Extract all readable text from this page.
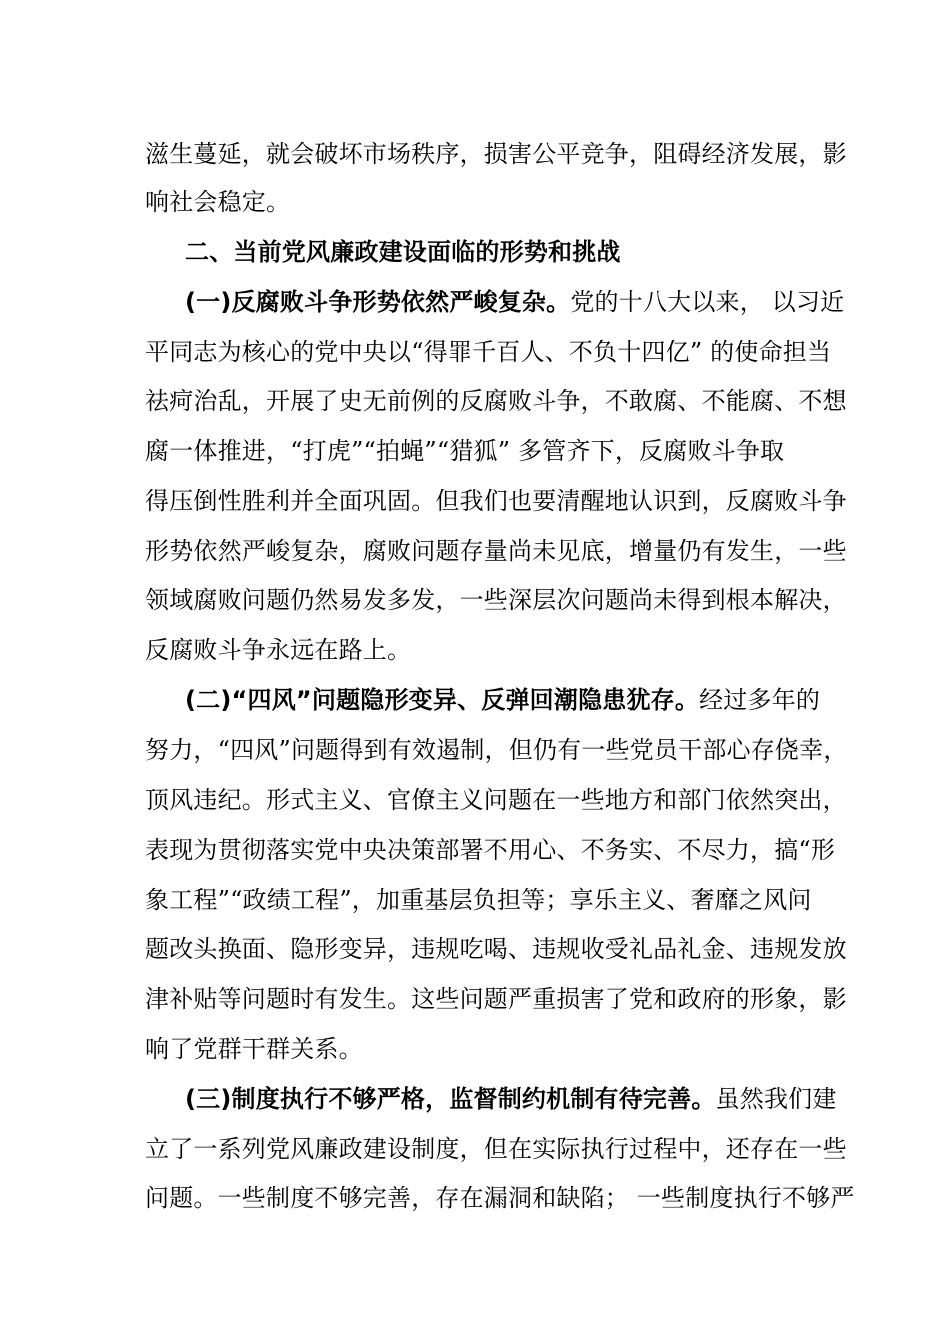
滋生蔓延，就会破坏市场秩序，损害公平竞争，阻碍经济发展，影
响社会稳定。
二、当前党风廉政建设面临的形势和挑战
(一)反腐败斗争形势依然严峻复杂。党的十八大以来， 以习近
平同志为核心的党中央以“得罪千百人、不负十四亿” 的使命担当
祛疴治乱，开展了史无前例的反腐败斗争，不敢腐、不能腐、不想
腐一体推进，“打虎”“拍蝇”“猎狐” 多管齐下，反腐败斗争取
得压倒性胜利并全面巩固。但我们也要清醒地认识到，反腐败斗争
形势依然严峻复杂，腐败问题存量尚未见底，增量仍有发生，一些
领域腐败问题仍然易发多发，一些深层次问题尚未得到根本解决，
反腐败斗争永远在路上。
(二)“四风”问题隐形变异、反弹回潮隐患犹存。经过多年的
努力，“四风”问题得到有效遏制，但仍有一些党员干部心存侥幸，
顶风违纪。形式主义、官僚主义问题在一些地方和部门依然突出，
表现为贯彻落实党中央决策部署不用心、不务实、不尽力，搞“形
象工程”“政绩工程”，加重基层负担等；享乐主义、奢靡之风问
题改头换面、隐形变异，违规吃喝、违规收受礼品礼金、违规发放
津补贴等问题时有发生。这些问题严重损害了党和政府的形象，影
响了党群干群关系。
(三)制度执行不够严格，监督制约机制有待完善。虽然我们建
立了一系列党风廉政建设制度，但在实际执行过程中，还存在一些
问题。一些制度不够完善，存在漏洞和缺陷； 一些制度执行不够严
